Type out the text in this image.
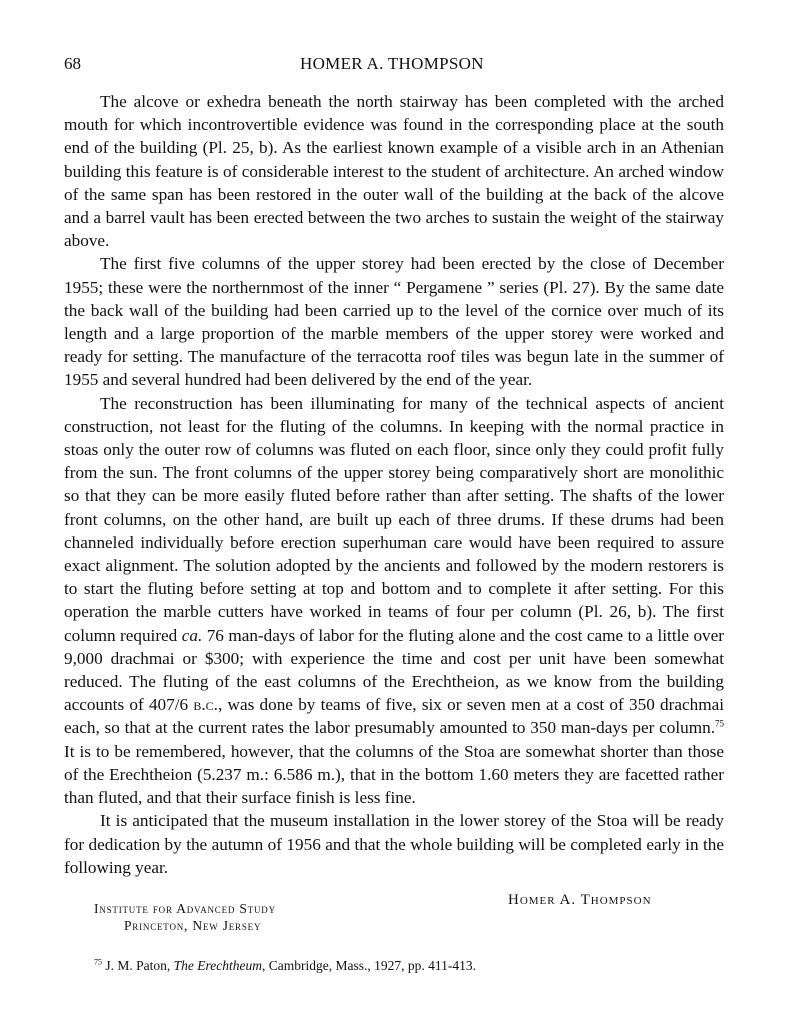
68	HOMER A. THOMPSON

The alcove or exhedra beneath the north stairway has been completed with the arched mouth for which incontrovertible evidence was found in the corresponding place at the south end of the building (Pl. 25, b). As the earliest known example of a visible arch in an Athenian building this feature is of considerable interest to the student of architecture. An arched window of the same span has been restored in the outer wall of the building at the back of the alcove and a barrel vault has been erected between the two arches to sustain the weight of the stairway above.

The first five columns of the upper storey had been erected by the close of December 1955; these were the northernmost of the inner “ Pergamene ” series (Pl. 27). By the same date the back wall of the building had been carried up to the level of the cornice over much of its length and a large proportion of the marble members of the upper storey were worked and ready for setting. The manufacture of the terracotta roof tiles was begun late in the summer of 1955 and several hundred had been delivered by the end of the year.

The reconstruction has been illuminating for many of the technical aspects of ancient construction, not least for the fluting of the columns. In keeping with the normal practice in stoas only the outer row of columns was fluted on each floor, since only they could profit fully from the sun. The front columns of the upper storey being comparatively short are monolithic so that they can be more easily fluted before rather than after setting. The shafts of the lower front columns, on the other hand, are built up each of three drums. If these drums had been channeled individually before erection superhuman care would have been required to assure exact alignment. The solution adopted by the ancients and followed by the modern restorers is to start the fluting before setting at top and bottom and to complete it after setting. For this operation the marble cutters have worked in teams of four per column (Pl. 26, b). The first column required ca. 76 man-days of labor for the fluting alone and the cost came to a little over 9,000 drachmai or $300; with experience the time and cost per unit have been somewhat reduced. The fluting of the east columns of the Erechtheion, as we know from the building accounts of 407/6 b.c., was done by teams of five, six or seven men at a cost of 350 drachmai each, so that at the current rates the labor presumably amounted to 350 man-days per column.$^{75}$ It is to be remembered, however, that the columns of the Stoa are somewhat shorter than those of the Erechtheion (5.237 m.: 6.586 m.), that in the bottom 1.60 meters they are facetted rather than fluted, and that their surface finish is less fine.

It is anticipated that the museum installation in the lower storey of the Stoa will be ready for dedication by the autumn of 1956 and that the whole building will be completed early in the following year.

Homer A. Thompson
Institute for Advanced Study
Princeton, New Jersey
$^{75}$ J. M. Paton, The Erechtheum, Cambridge, Mass., 1927, pp. 411-413.
